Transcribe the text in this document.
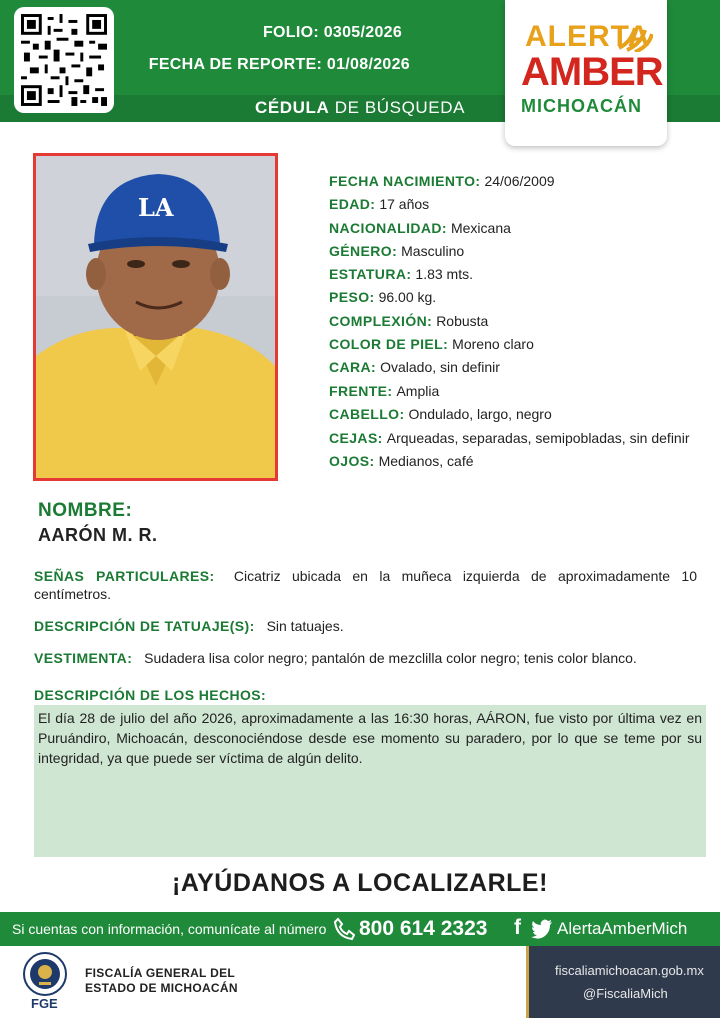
FOLIO: 0305/2026
FECHA DE REPORTE: 01/08/2026
CÉDULA DE BÚSQUEDA
ALERTA
AMBER
MICHOACÁN
LA
FECHA NACIMIENTO: 24/06/2009
EDAD: 17 años
NACIONALIDAD: Mexicana
GÉNERO: Masculino
ESTATURA: 1.83 mts.
PESO: 96.00 kg.
COMPLEXIÓN: Robusta
COLOR DE PIEL: Moreno claro
CARA: Ovalado, sin definir
FRENTE: Amplia
CABELLO: Ondulado, largo, negro
CEJAS: Arqueadas, separadas, semipobladas, sin definir
OJOS: Medianos, café
NOMBRE:
AARÓN M. R.
SEÑAS PARTICULARES: Cicatriz ubicada en la muñeca izquierda de aproximadamente 10 centímetros.
DESCRIPCIÓN DE TATUAJE(S): Sin tatuajes.
VESTIMENTA: Sudadera lisa color negro; pantalón de mezclilla color negro; tenis color blanco.
DESCRIPCIÓN DE LOS HECHOS:
El día 28 de julio del año 2026, aproximadamente a las 16:30 horas, AÁRON, fue visto por última vez en Puruándiro, Michoacán, desconociéndose desde ese momento su paradero, por lo que se teme por su integridad, ya que puede ser víctima de algún delito.
¡AYÚDANOS A LOCALIZARLE!
Si cuentas con información, comunícate al número 800 614 2323 f AlertaAmberMich
FGE
FISCALÍA GENERAL DEL
ESTADO DE MICHOACÁN
fiscaliamichoacan.gob.mx
@FiscaliaMich
